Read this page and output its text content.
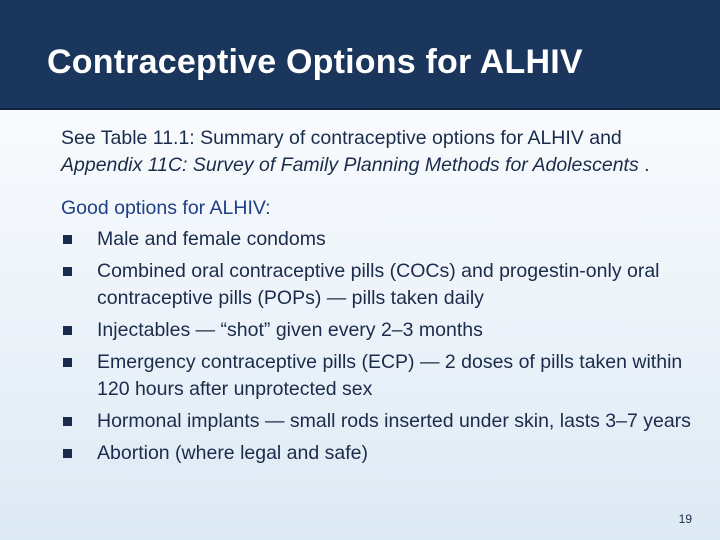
Contraceptive Options for ALHIV

See Table 11.1: Summary of contraceptive options for ALHIV and Appendix 11C: Survey of Family Planning Methods for Adolescents .

Good options for ALHIV:

Male and female condoms
Combined oral contraceptive pills (COCs) and progestin-only oral contraceptive pills (POPs) — pills taken daily
Injectables — “shot” given every 2–3 months
Emergency contraceptive pills (ECP) — 2 doses of pills taken within 120 hours after unprotected sex
Hormonal implants — small rods inserted under skin, lasts 3–7 years
Abortion (where legal and safe)
19
